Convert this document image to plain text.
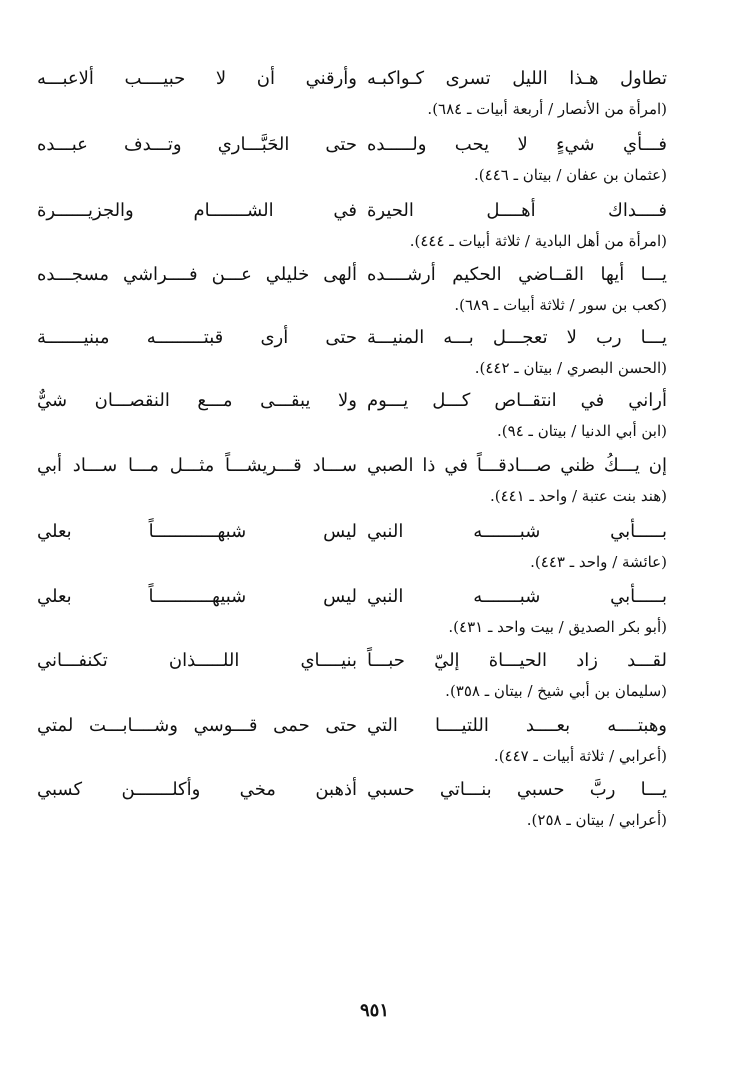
تطاول هـذا الليل تسرى كـواكبـه
وأرقني أن لا حبيــــب ألاعبـــه
(امرأة من الأنصار / أربعة أبيات ـ ٦٨٤).
فـــأي شيءٍ لا يحب ولـــــده
حتى الحَبَّـــاري وتـــدف عبـــده
(عثمان بن عفان / بيتان ـ ٤٤٦).
فــــداك أهــــل الحيرة
في الشـــــــام والجزيــــــرة
(امرأة من أهل البادية / ثلاثة أبيات ـ ٤٤٤).
يـــا أيها القــاضي الحكيم أرشــــده
ألهى خليلي عـــن فــــراشي مسجـــده
(كعب بن سور / ثلاثة أبيات ـ ٦٨٩).
يـــا رب لا تعجـــل بـــه المنيـــة
حتى أرى قبتـــــــــه مبنيـــــــة
(الحسن البصري / بيتان ـ ٤٤٢).
أراني في انتقــاص كـــل يـــوم
ولا يبقـــى مـــع النقصـــان شيٌّ
(ابن أبي الدنيا / بيتان ـ ٩٤).
إن يـــكُ ظني صـــادقـــاً في ذا الصبي
ســـاد قـــريشـــاً مثـــل مـــا ســـاد أبي
(هند بنت عتبة / واحد ـ ٤٤١).
بـــــأبي شبـــــــه النبي
ليس شبهــــــــــــاً بعلي
(عائشة / واحد ـ ٤٤٣).
بـــــأبي شبـــــــه النبي
ليس شبيهـــــــــــاً بعلي
(أبو بكر الصديق / بيت واحد ـ ٤٣١).
لقـــد زاد الحيـــاة إليّ حبـــاً
بنيــــاي اللـــــذان تكنفـــاني
(سليمان بن أبي شيخ / بيتان ـ ٣٥٨).
وهبتــــه بعــــد اللتيــــا التي
حتى حمى قـــوسي وشــــابـــت لمتي
(أعرابي / ثلاثة أبيات ـ ٤٤٧).
يـــا ربَّ حسبي بنـــاتي حسبي
أذهبن مخي وأكلـــــــن كسبي
(أعرابي / بيتان ـ ٢٥٨).
٩٥١
